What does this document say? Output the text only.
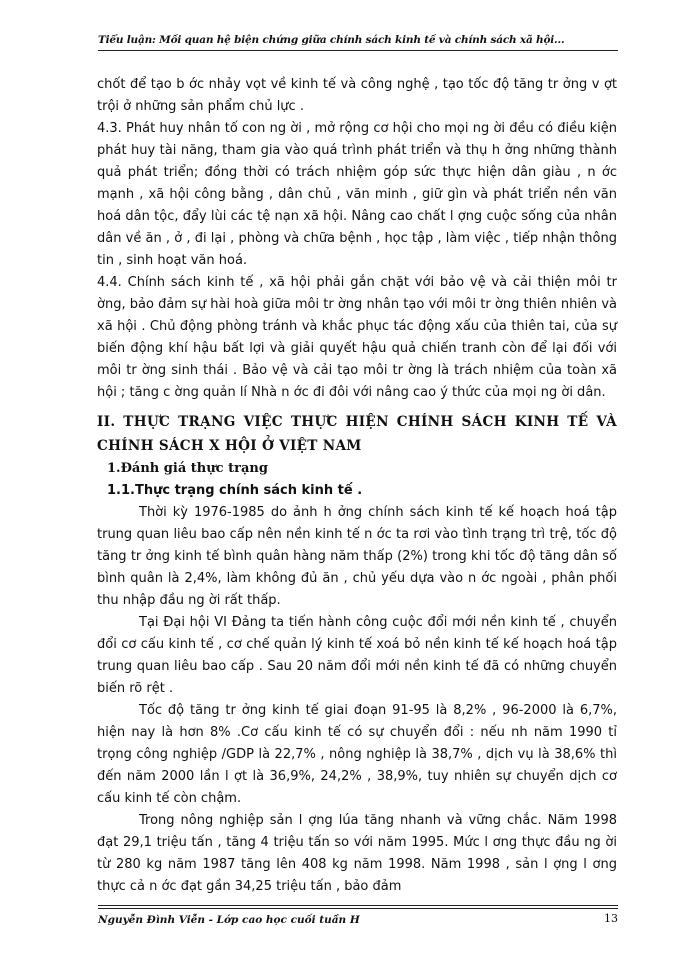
Tiểu luận: Mối quan hệ biện chứng giữa chính sách kinh tế và chính sách xã hội...

chốt để tạo b ớc nhảy vọt về kinh tế và công nghệ , tạo tốc độ tăng tr ởng v ợt trội ở những sản phẩm chủ lực .

4.3. Phát huy nhân tố con ng ời , mở rộng cơ hội cho mọi ng ời đều có điều kiện phát huy tài năng, tham gia vào quá trình phát triển và thụ h ởng những thành quả phát triển; đồng thời có trách nhiệm góp sức thực hiện dân giàu , n ớc mạnh , xã hội công bằng , dân chủ , văn minh , giữ gìn và phát triển nền văn hoá dân tộc, đẩy lùi các tệ nạn xã hội. Nâng cao chất l ợng cuộc sống của nhân dân về ăn , ở , đi lại , phòng và chữa bệnh , học tập , làm việc , tiếp nhận thông tin , sinh hoạt văn hoá.

4.4. Chính sách kinh tế , xã hội phải gắn chặt với bảo vệ và cải thiện môi tr ờng, bảo đảm sự hài hoà giữa môi tr ờng nhân tạo với môi tr ờng thiên nhiên và xã hội . Chủ động phòng tránh và khắc phục tác động xấu của thiên tai, của sự biến động khí hậu bất lợi và giải quyết hậu quả chiến tranh còn để lại đối với môi tr ờng sinh thái . Bảo vệ và cải tạo môi tr ờng là trách nhiệm của toàn xã hội ; tăng c ờng quản lí Nhà n ớc đi đôi với nâng cao ý thức của mọi ng ời dân.

II. THỰC TRẠNG VIỆC THỰC HIỆN CHÍNH SÁCH KINH TẾ VÀ CHÍNH SÁCH X HỘI Ở VIỆT NAM

1.Đánh giá thực trạng

1.1.Thực trạng chính sách kinh tế .

Thời kỳ 1976-1985 do ảnh h ởng chính sách kinh tế kế hoạch hoá tập trung quan liêu bao cấp nên nền kinh tế n ớc ta rơi vào tình trạng trì trệ, tốc độ tăng tr ởng kinh tế bình quân hàng năm thấp (2%) trong khi tốc độ tăng dân số bình quân là 2,4%, làm không đủ ăn , chủ yếu dựa vào n ớc ngoài , phân phối thu nhập đầu ng ời rất thấp.

Tại Đại hội VI Đảng ta tiến hành công cuộc đổi mới nền kinh tế , chuyển đổi cơ cấu kinh tế , cơ chế quản lý kinh tế xoá bỏ nền kinh tế kế hoạch hoá tập trung quan liêu bao cấp . Sau 20 năm đổi mới nền kinh tế đã có những chuyển biến rõ rệt .

Tốc độ tăng tr ởng kinh tế giai đoạn 91-95 là 8,2% , 96-2000 là 6,7%, hiện nay là hơn 8% .Cơ cấu kinh tế có sự chuyển đổi : nếu nh năm 1990 tỉ trọng công nghiệp /GDP là 22,7% , nông nghiệp là 38,7% , dịch vụ là 38,6% thì đến năm 2000 lần l ợt là 36,9%, 24,2% , 38,9%, tuy nhiên sự chuyển dịch cơ cấu kinh tế còn chậm.

Trong nông nghiệp sản l ợng lúa tăng nhanh và vững chắc. Năm 1998 đạt 29,1 triệu tấn , tăng 4 triệu tấn so với năm 1995. Mức l ơng thực đầu ng ời từ 280 kg năm 1987 tăng lên 408 kg năm 1998. Năm 1998 , sản l ợng l ơng thực cả n ớc đạt gần 34,25 triệu tấn , bảo đảm

Nguyễn Đình Viễn - Lớp cao học cuối tuần H	13
